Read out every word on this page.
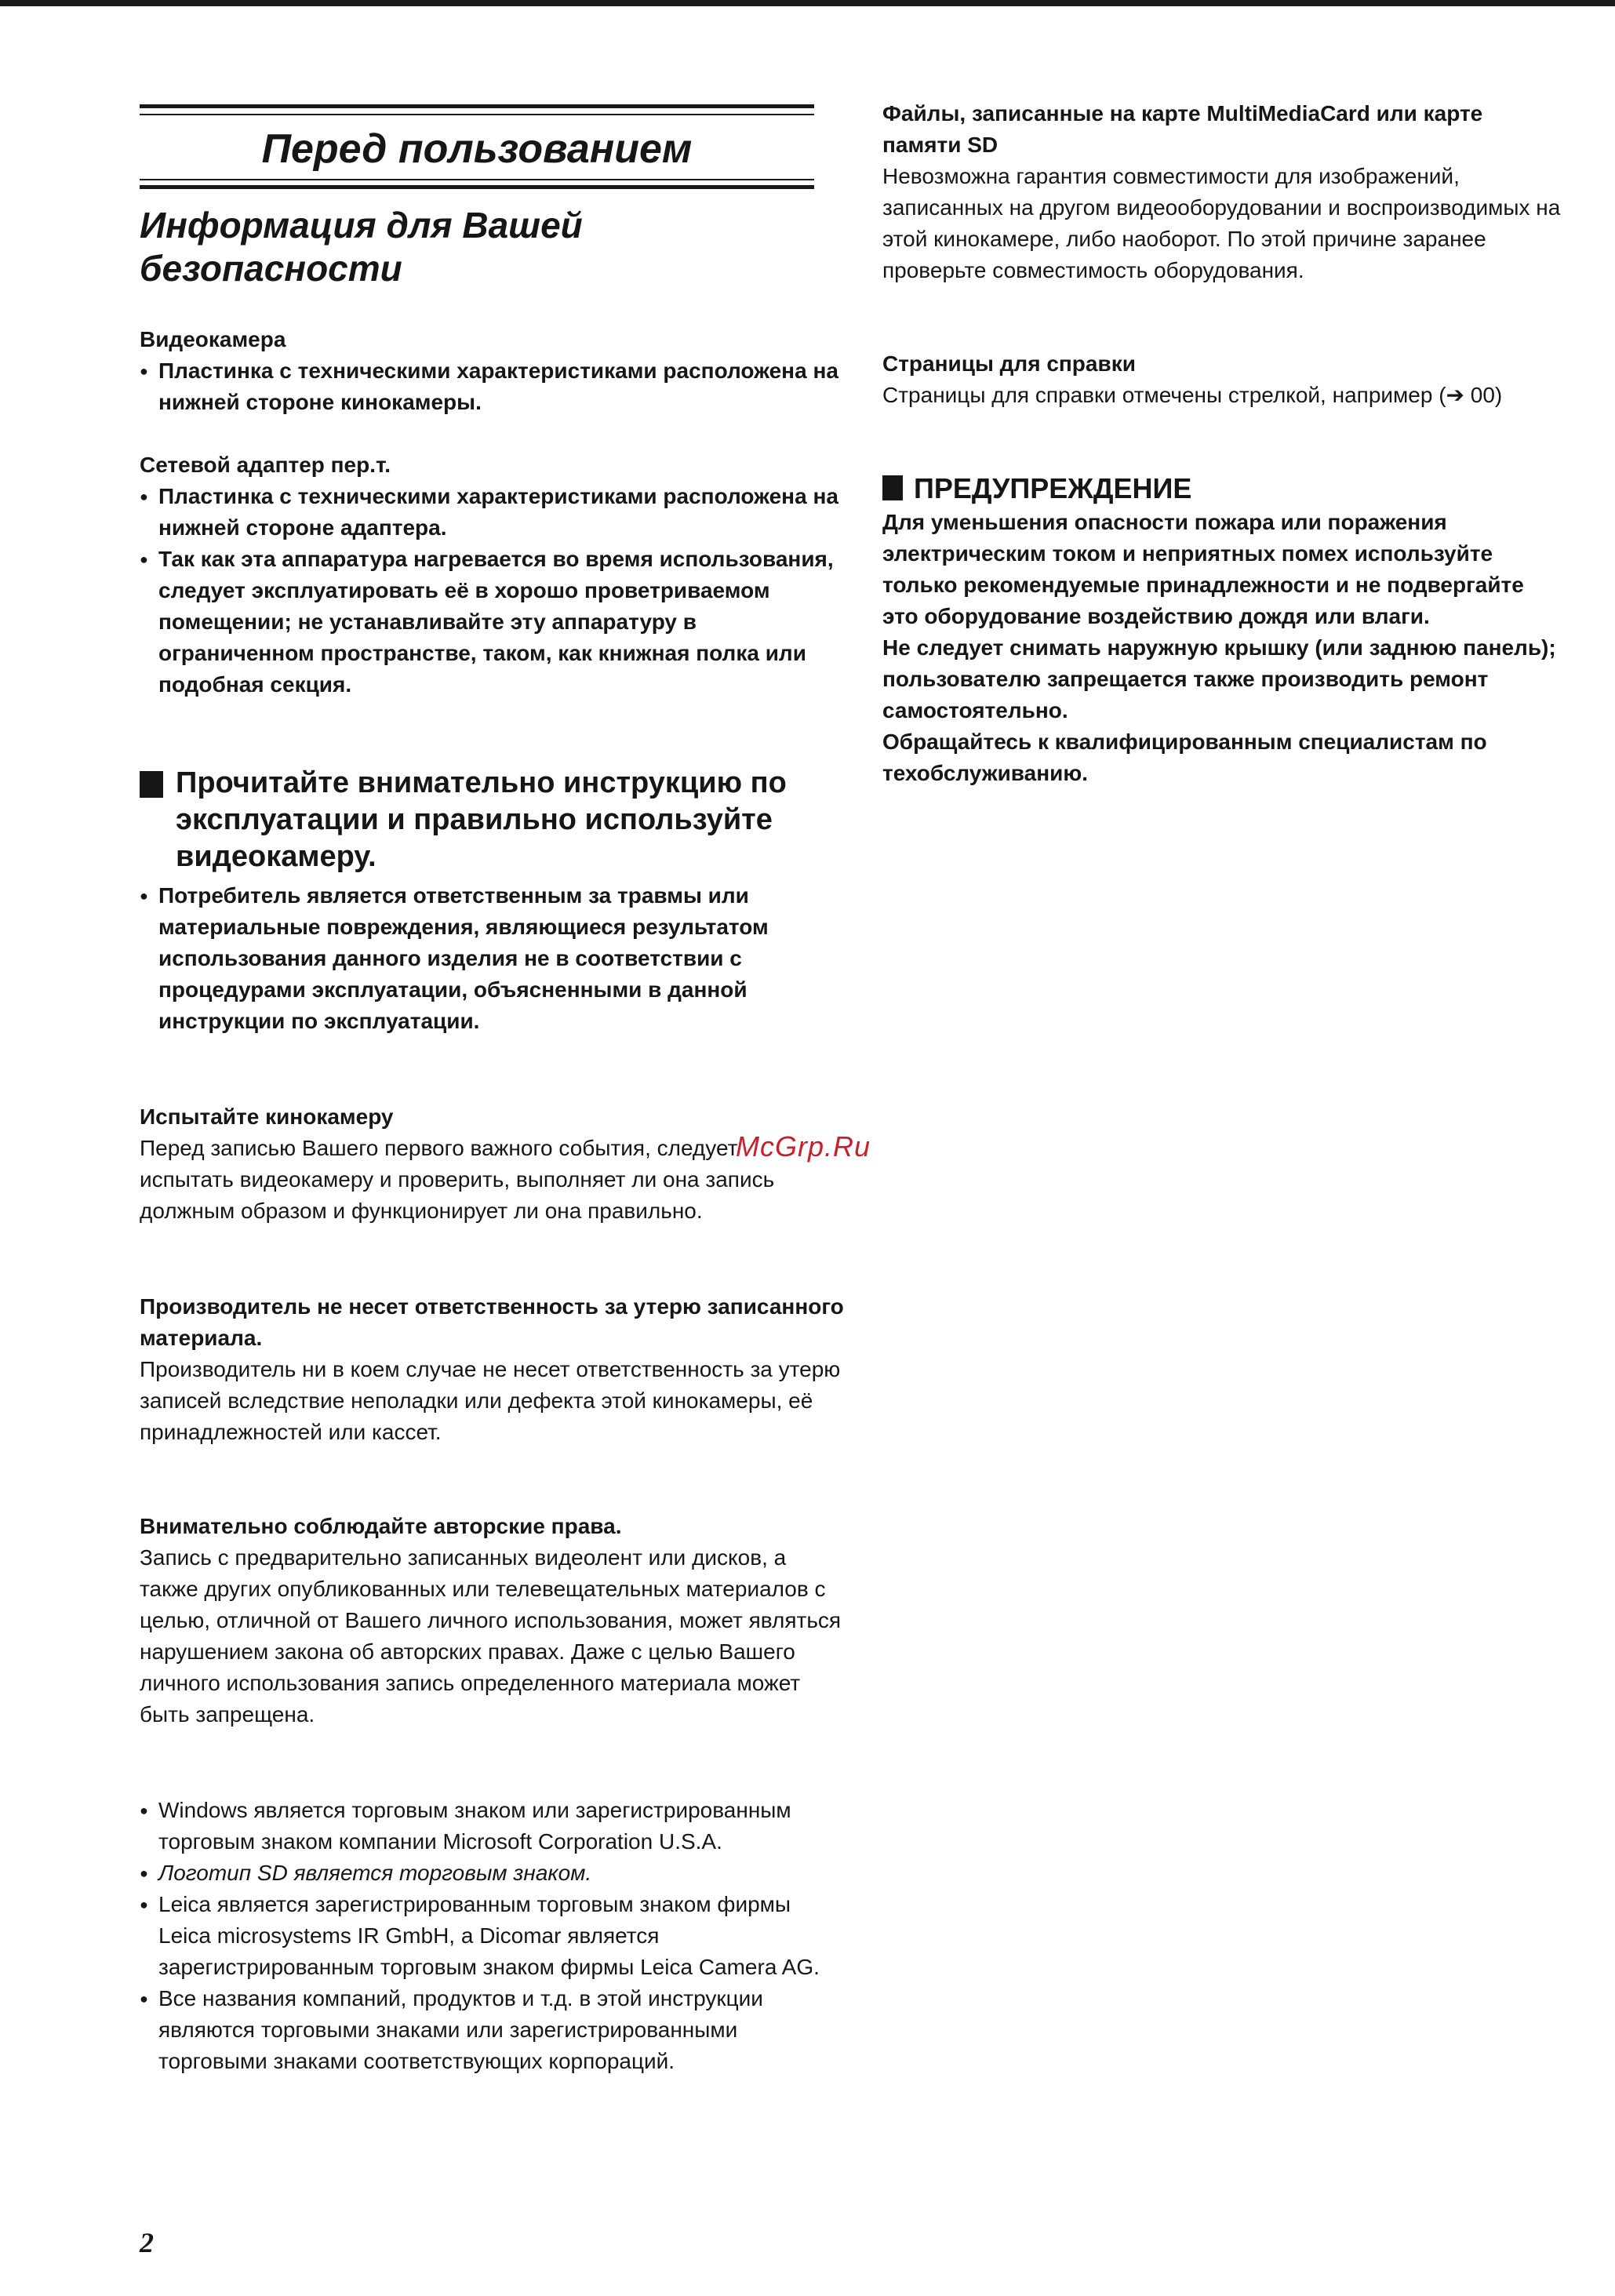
Перед пользованием
Информация для Вашей безопасности

Видеокамера

● Пластинка с техническими характеристиками расположена на нижней стороне кинокамеры.

Сетевой адаптер пер.т.

● Пластинка с техническими характеристиками расположена на нижней стороне адаптера.
● Так как эта аппаратура нагревается во время использования, следует эксплуатировать её в хорошо проветриваемом помещении; не устанавливайте эту аппаратуру в ограниченном пространстве, таком, как книжная полка или подобная секция.
Прочитайте внимательно инструкцию по эксплуатации и правильно используйте видеокамеру.
● Потребитель является ответственным за травмы или материальные повреждения, являющиеся результатом использования данного изделия не в соответствии с процедурами эксплуатации, объясненными в данной инструкции по эксплуатации.

Испытайте кинокамеру

Перед записью Вашего первого важного события, следует испытать видеокамеру и проверить, выполняет ли она запись должным образом и функционирует ли она правильно.

Производитель не несет ответственность за утерю записанного материала.

Производитель ни в коем случае не несет ответственность за утерю записей вследствие неполадки или дефекта этой кинокамеры, её принадлежностей или кассет.

Внимательно соблюдайте авторские права.

Запись с предварительно записанных видеолент или дисков, а также других опубликованных или телевещательных материалов с целью, отличной от Вашего личного использования, может являться нарушением закона об авторских правах. Даже с целью Вашего личного использования запись определенного материала может быть запрещена.

● Windows является торговым знаком или зарегистрированным торговым знаком компании Microsoft Corporation U.S.A.
● Логотип SD является торговым знаком.
● Leica является зарегистрированным торговым знаком фирмы Leica microsystems IR GmbH, a Dicomar является зарегистрированным торговым знаком фирмы Leica Camera AG.
● Все названия компаний, продуктов и т.д. в этой инструкции являются торговыми знаками или зарегистрированными торговыми знаками соответствующих корпораций.

Файлы, записанные на карте MultiMediaCard или карте памяти SD

Невозможна гарантия совместимости для изображений, записанных на другом видеооборудовании и воспроизводимых на этой кинокамере, либо наоборот. По этой причине заранее проверьте совместимость оборудования.

Страницы для справки

Страницы для справки отмечены стрелкой, например (➔ 00)

ПРЕДУПРЕЖДЕНИЕ

Для уменьшения опасности пожара или поражения электрическим током и неприятных помех используйте только рекомендуемые принадлежности и не подвергайте это оборудование воздействию дождя или влаги.

Не следует снимать наружную крышку (или заднюю панель); пользователю запрещается также производить ремонт самостоятельно.

Обращайтесь к квалифицированным специалистам по техобслуживанию.

McGrp.Ru
2
